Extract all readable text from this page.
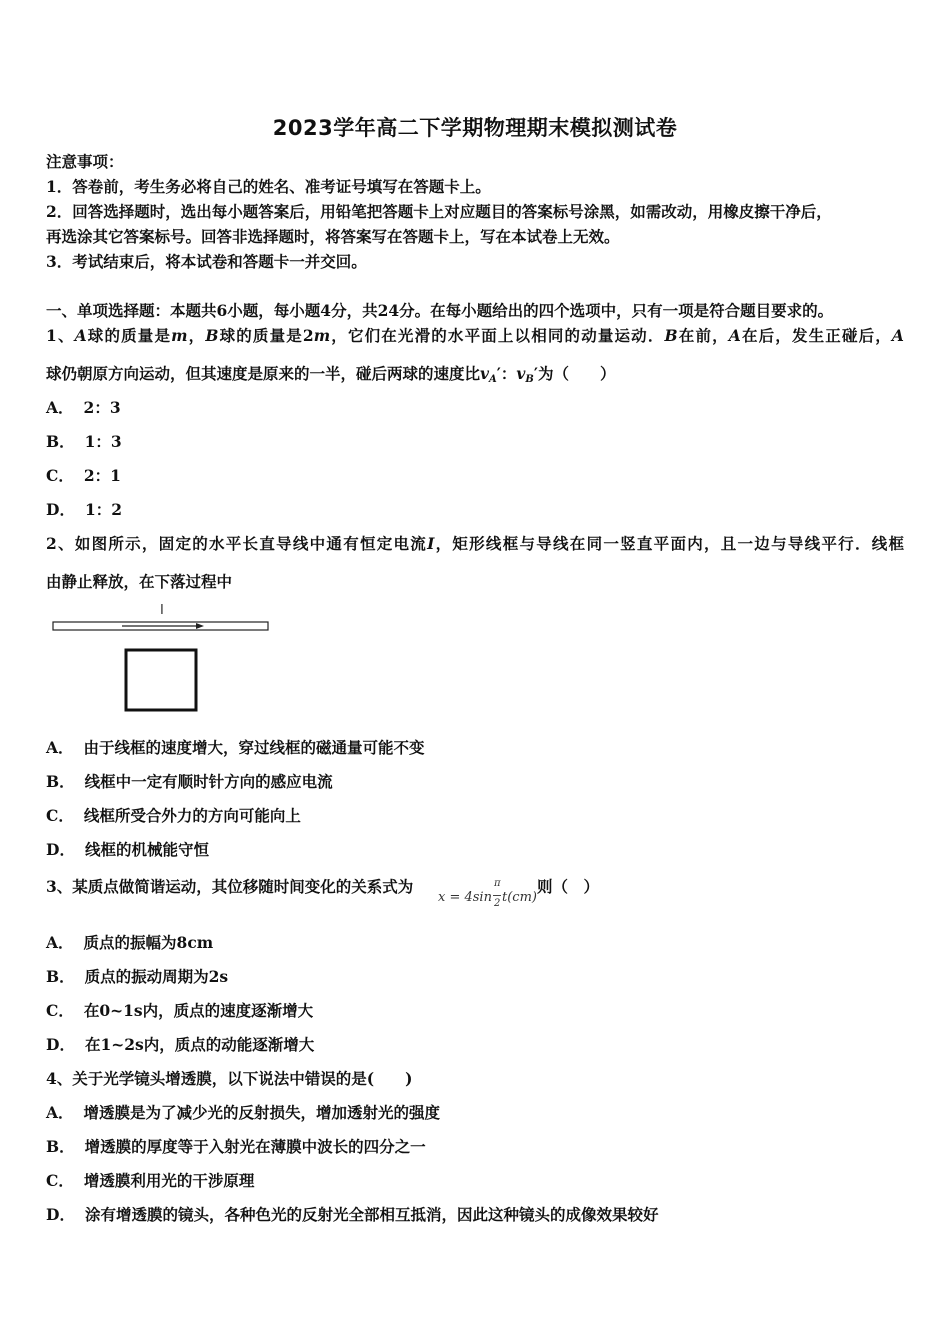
2023学年高二下学期物理期末模拟测试卷
注意事项：
1．答卷前，考生务必将自己的姓名、准考证号填写在答题卡上。
2．回答选择题时，选出每小题答案后，用铅笔把答题卡上对应题目的答案标号涂黑，如需改动，用橡皮擦干净后，
再选涂其它答案标号。回答非选择题时，将答案写在答题卡上，写在本试卷上无效。
3．考试结束后，将本试卷和答题卡一并交回。
一、单项选择题：本题共6小题，每小题4分，共24分。在每小题给出的四个选项中，只有一项是符合题目要求的。
1、A球的质量是m，B球的质量是2m，它们在光滑的水平面上以相同的动量运动．B在前，A在后，发生正碰后，A
球仍朝原方向运动，但其速度是原来的一半，碰后两球的速度比$v_A'$：$v_B'$为（　　）
A． 2：3
B． 1：3
C． 2：1
D． 1：2
2、如图所示，固定的水平长直导线中通有恒定电流I，矩形线框与导线在同一竖直平面内，且一边与导线平行．线框
由静止释放，在下落过程中
I
A． 由于线框的速度增大，穿过线框的磁通量可能不变
B． 线框中一定有顺时针方向的感应电流
C． 线框所受合外力的方向可能向上
D． 线框的机械能守恒
3、某质点做简谐运动，其位移随时间变化的关系式为
x = 4sin
π
2 t(cm)
则（　）
A． 质点的振幅为8cm
B． 质点的振动周期为2s
C． 在0~1s内，质点的速度逐渐增大
D． 在1~2s内，质点的动能逐渐增大
4、关于光学镜头增透膜，以下说法中错误的是(　　)
A． 增透膜是为了减少光的反射损失，增加透射光的强度
B． 增透膜的厚度等于入射光在薄膜中波长的四分之一
C． 增透膜利用光的干涉原理
D． 涂有增透膜的镜头，各种色光的反射光全部相互抵消，因此这种镜头的成像效果较好
